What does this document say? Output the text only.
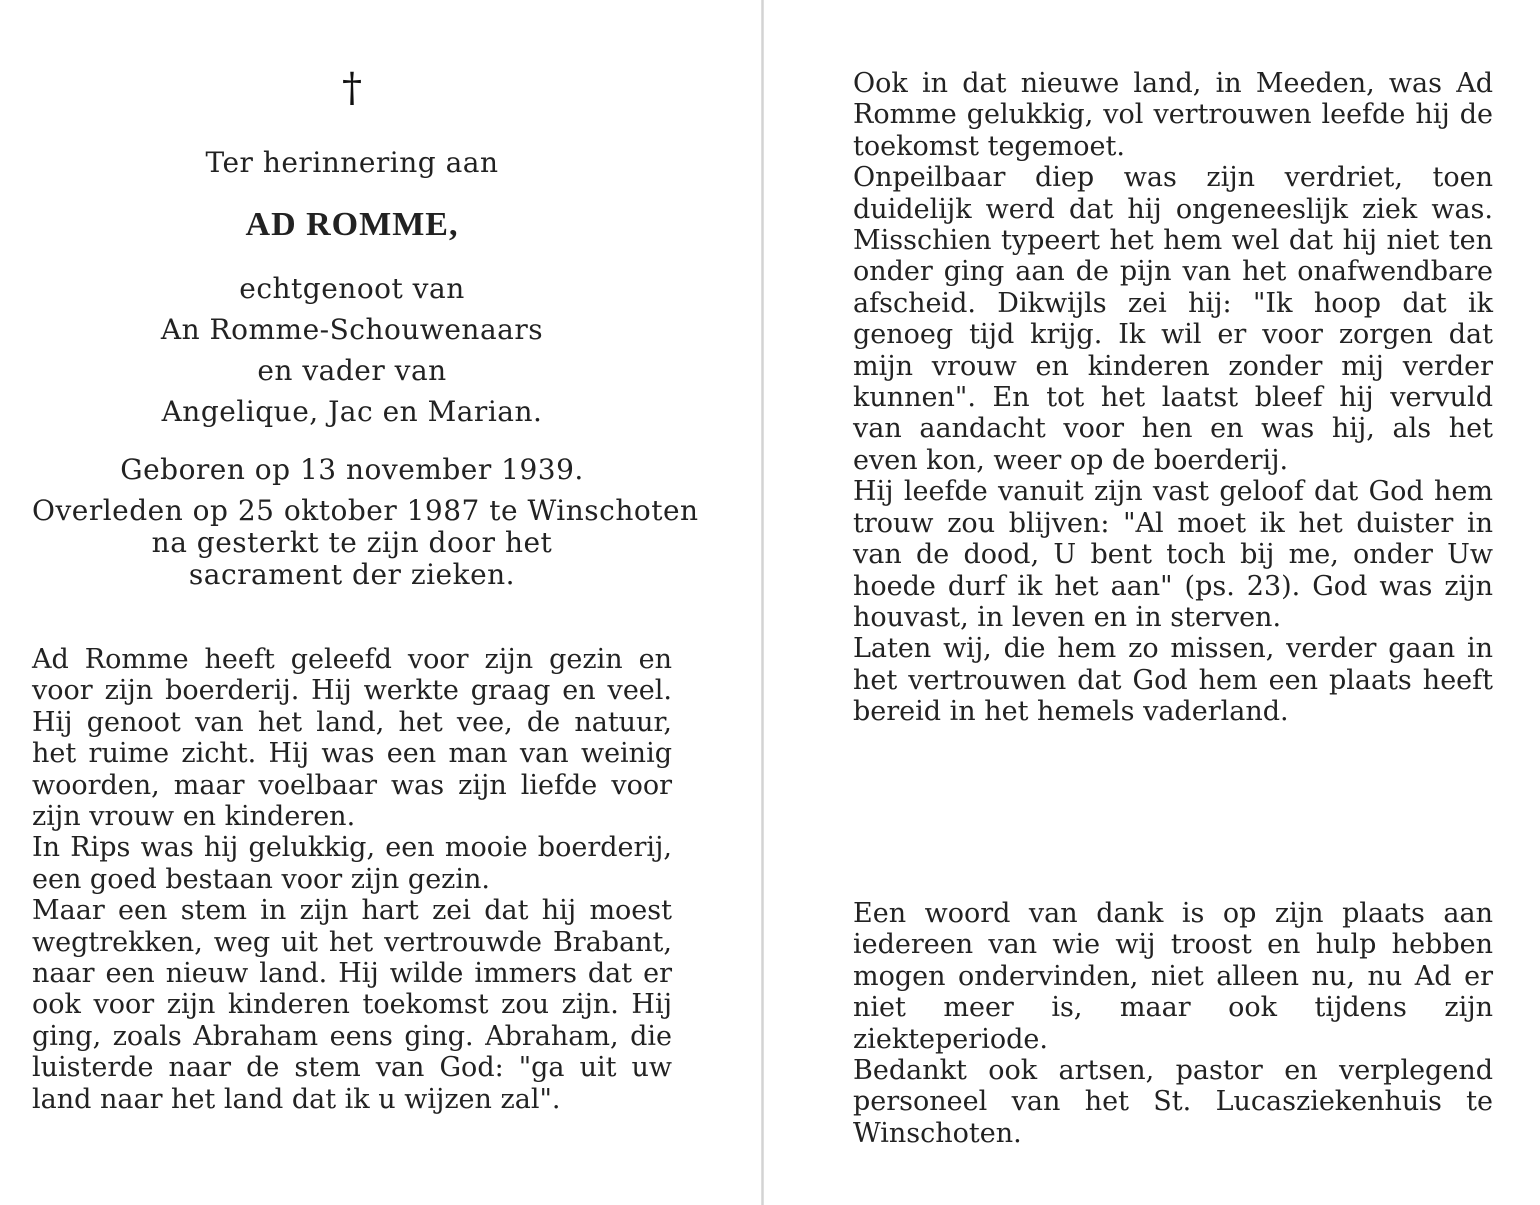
†
Ter herinnering aan
AD ROMME,
echtgenoot van
An Romme-Schouwenaars
en vader van
Angelique, Jac en Marian.
Geboren op 13 november 1939.
Overleden op 25 oktober 1987 te Winschoten
na gesterkt te zijn door het
sacrament der zieken.

Ad Romme heeft geleefd voor zijn gezin en voor zijn boerderij. Hij werkte graag en veel. Hij genoot van het land, het vee, de natuur, het ruime zicht. Hij was een man van weinig woorden, maar voelbaar was zijn liefde voor zijn vrouw en kinderen.

In Rips was hij gelukkig, een mooie boerderij, een goed bestaan voor zijn gezin.

Maar een stem in zijn hart zei dat hij moest wegtrekken, weg uit het vertrouwde Brabant, naar een nieuw land. Hij wilde immers dat er ook voor zijn kinderen toekomst zou zijn. Hij ging, zoals Abraham eens ging. Abraham, die luisterde naar de stem van God: "ga uit uw land naar het land dat ik u wijzen zal".

Ook in dat nieuwe land, in Meeden, was Ad Romme gelukkig, vol vertrouwen leefde hij de toekomst tegemoet.

Onpeilbaar diep was zijn verdriet, toen duidelijk werd dat hij ongeneeslijk ziek was. Misschien typeert het hem wel dat hij niet ten onder ging aan de pijn van het onafwendbare afscheid. Dikwijls zei hij: "Ik hoop dat ik genoeg tijd krijg. Ik wil er voor zorgen dat mijn vrouw en kinderen zonder mij verder kunnen". En tot het laatst bleef hij vervuld van aandacht voor hen en was hij, als het even kon, weer op de boerderij.

Hij leefde vanuit zijn vast geloof dat God hem trouw zou blijven: "Al moet ik het duister in van de dood, U bent toch bij me, onder Uw hoede durf ik het aan" (ps. 23). God was zijn houvast, in leven en in sterven.

Laten wij, die hem zo missen, verder gaan in het vertrouwen dat God hem een plaats heeft bereid in het hemels vaderland.

Een woord van dank is op zijn plaats aan iedereen van wie wij troost en hulp hebben mogen ondervinden, niet alleen nu, nu Ad er niet meer is, maar ook tijdens zijn ziekteperiode.

Bedankt ook artsen, pastor en verplegend personeel van het St. Lucasziekenhuis te Winschoten.
